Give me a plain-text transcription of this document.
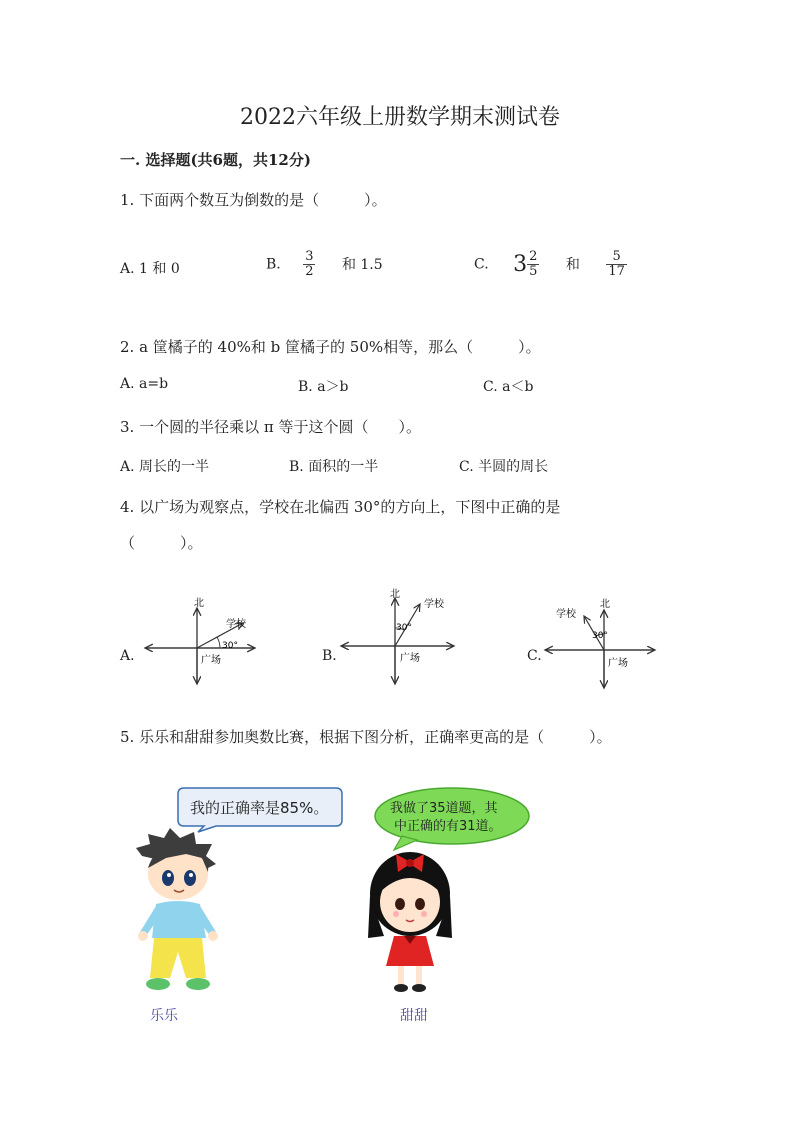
2022六年级上册数学期末测试卷
一. 选择题(共6题，共12分)
1. 下面两个数互为倒数的是（　　　）。
A. 1 和 0	B. $\frac{3}{2}$ 和 1.5	C. $3 \frac{2}{5}$ 和 $\frac{5}{17}$
2. a 筐橘子的 40%和 b 筐橘子的 50%相等，那么（　　　）。
A. a=b	B. a＞b	C. a＜b
3. 一个圆的半径乘以 π 等于这个圆（　　）。
A. 周长的一半	B. 面积的一半	C. 半圆的周长
4. 以广场为观察点，学校在北偏西 30°的方向上，下图中正确的是
（　　　）。
A.	B.	C.
北
学校
30°
广场
北
学校
30°
广场
北
学校
30°
广场
5. 乐乐和甜甜参加奥数比赛，根据下图分析，正确率更高的是（　　　）。
我的正确率是85%。	我做了35道题，其
中正确的有31道。
乐乐	甜甜
